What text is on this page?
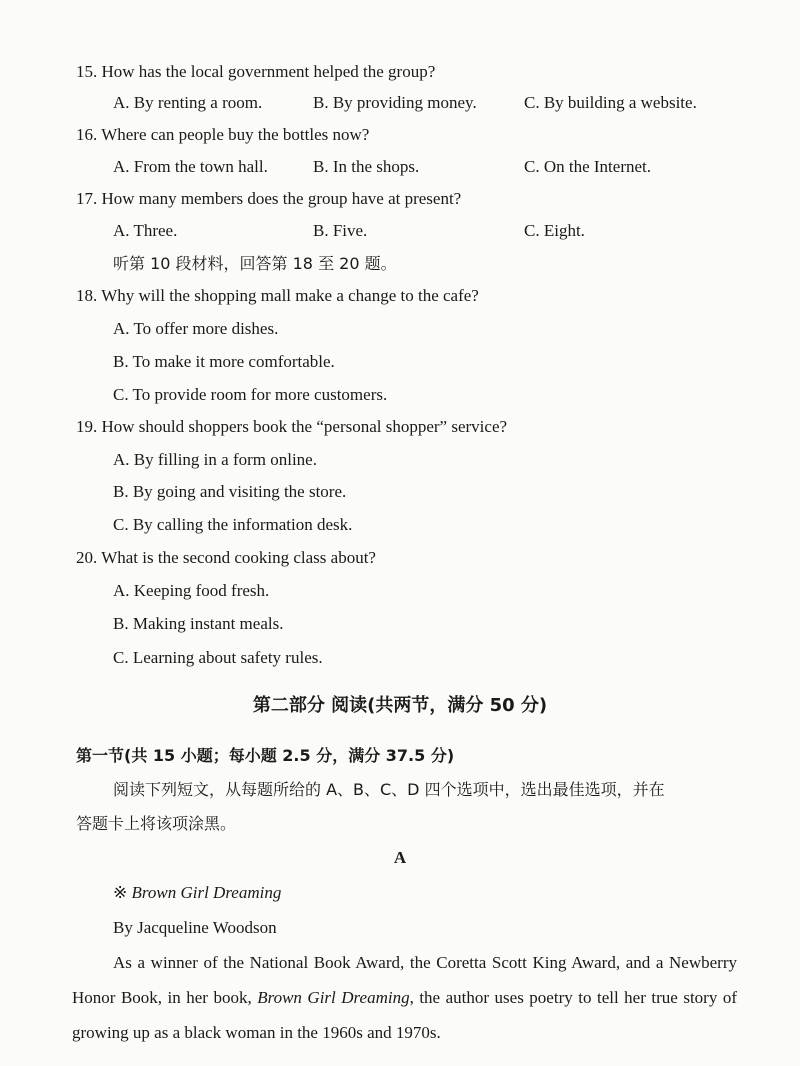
15. How has the local government helped the group?
A. By renting a room.	B. By providing money.	C. By building a website.
16. Where can people buy the bottles now?
A. From the town hall.	B. In the shops.	C. On the Internet.
17. How many members does the group have at present?
A. Three.	B. Five.	C. Eight.
听第 10 段材料，回答第 18 至 20 题。
18. Why will the shopping mall make a change to the cafe?
A. To offer more dishes.
B. To make it more comfortable.
C. To provide room for more customers.
19. How should shoppers book the “personal shopper” service?
A. By filling in a form online.
B. By going and visiting the store.
C. By calling the information desk.
20. What is the second cooking class about?
A. Keeping food fresh.
B. Making instant meals.
C. Learning about safety rules.
第二部分 阅读(共两节，满分 50 分)
第一节(共 15 小题；每小题 2.5 分，满分 37.5 分)
阅读下列短文，从每题所给的 A、B、C、D 四个选项中，选出最佳选项，并在
答题卡上将该项涂黑。
A
※ Brown Girl Dreaming
By Jacqueline Woodson
As a winner of the National Book Award, the Coretta Scott King Award, and a Newberry Honor Book, in her book, Brown Girl Dreaming, the author uses poetry to tell her true story of growing up as a black woman in the 1960s and 1970s.
